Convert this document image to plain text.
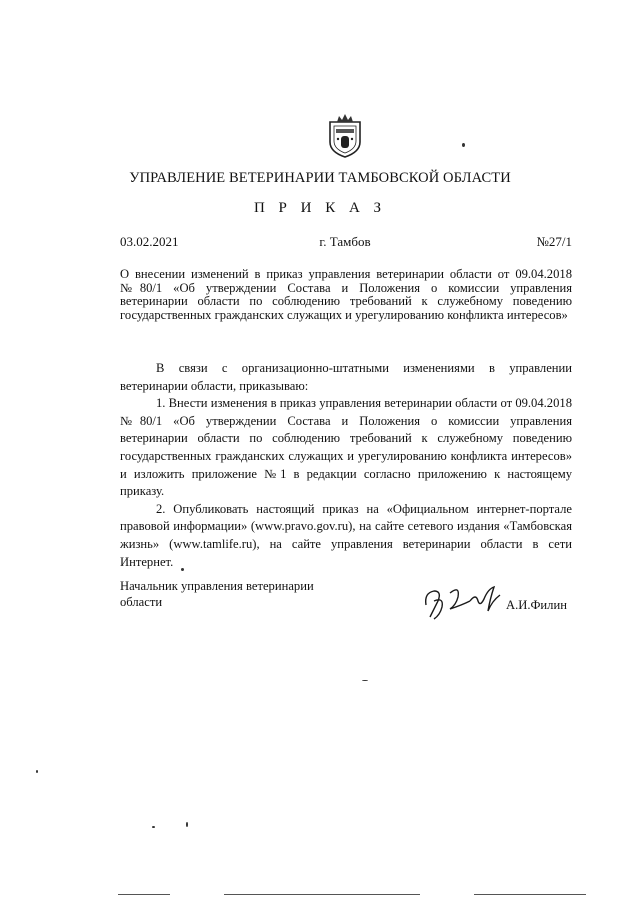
УПРАВЛЕНИЕ ВЕТЕРИНАРИИ ТАМБОВСКОЙ ОБЛАСТИ
П Р И К А З
03.02.2021	г. Тамбов	№27/1
О внесении изменений в приказ управления ветеринарии области от 09.04.2018 №80/1 «Об утверждении Состава и Положения о комиссии управления ветеринарии области по соблюдению требований к служебному поведению государственных гражданских служащих и урегулированию конфликта интересов»

В связи с организационно-штатными изменениями в управлении ветеринарии области, приказываю:

1. Внести изменения в приказ управления ветеринарии области от 09.04.2018 №80/1 «Об утверждении Состава и Положения о комиссии управления ветеринарии области по соблюдению требований к служебному поведению государственных гражданских служащих и урегулированию конфликта интересов» и изложить приложение №1 в редакции согласно приложению к настоящему приказу.

2. Опубликовать настоящий приказ на «Официальном интернет-портале правовой информации» (www.pravo.gov.ru), на сайте сетевого издания «Тамбовская жизнь» (www.tamlife.ru), на сайте управления ветеринарии области в сети Интернет.

Начальник управления ветеринарии
области	А.И.Филин
